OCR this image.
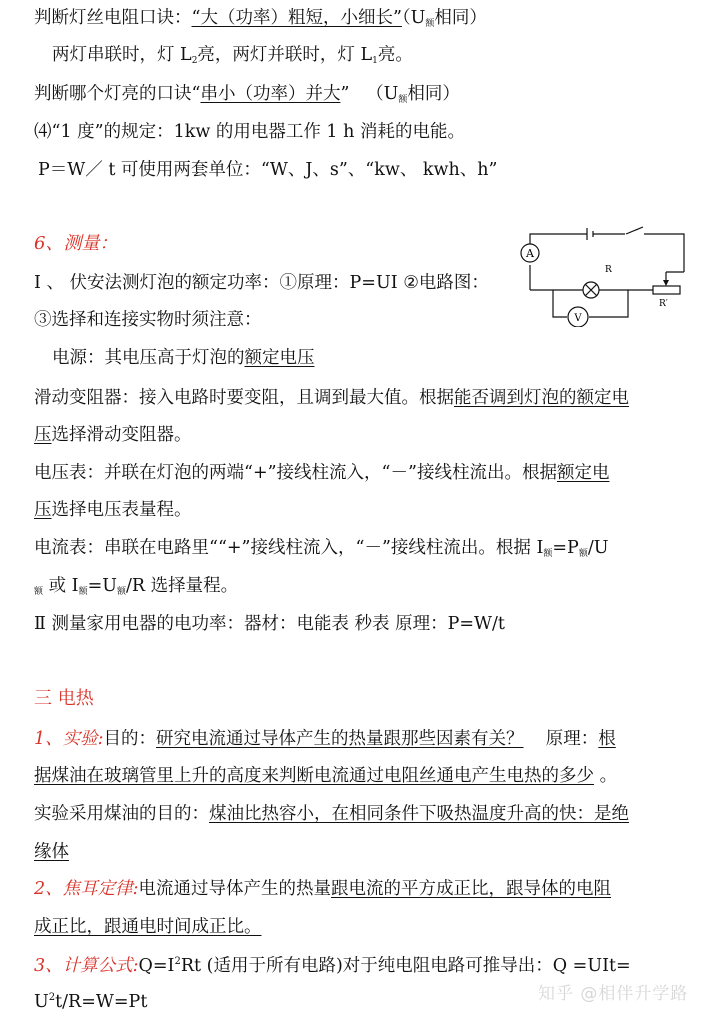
判断灯丝电阻口诀：“大（功率）粗短，小细长$”(U_额$相同）
两灯串联时，灯 $L_2$亮，两灯并联时，灯 $L_1$亮。
判断哪个灯亮的口诀“串小（功率）并大” （$U_额$相同）
⑷“1 度”的规定：1kw 的用电器工作 1 h 消耗的电能。
P＝W／ t 可使用两套单位：“W、J、s”、“kw、 kwh、h”
6、测量：
Ⅰ 、 伏安法测灯泡的额定功率：①原理：P=UI ②电路图：
③选择和连接实物时须注意：
电源：其电压高于灯泡的额定电压
滑动变阻器：接入电路时要变阻，且调到最大值。根据能否调到灯泡的额定电
压选择滑动变阻器。
电压表：并联在灯泡的两端“+”接线柱流入，“－”接线柱流出。根据额定电
压选择电压表量程。
电流表：串联在电路里““+”接线柱流入，“－”接线柱流出。根据 $I_额=P_额/U$
$_额$ 或 $I_额=U_额/R$ 选择量程。
Ⅱ 测量家用电器的电功率：器材：电能表 秒表 原理：P=W/t
A
V
R
R′
三 电热
1、实验:目的：研究电流通过导体产生的热量跟那些因素有关？ 原理：根
据煤油在玻璃管里上升的高度来判断电流通过电阻丝通电产生电热的多少 。
实验采用煤油的目的：煤油比热容小，在相同条件下吸热温度升高的快：是绝
缘体
2、焦耳定律:电流通过导体产生的热量跟电流的平方成正比，跟导体的电阻
成正比，跟通电时间成正比。
3、计算公式$:Q=I^2Rt$ (适用于所有电路)对于纯电阻电路可推导出：Q =UIt=
$U^2t/R=W=Pt$	知乎 @相伴升学路
